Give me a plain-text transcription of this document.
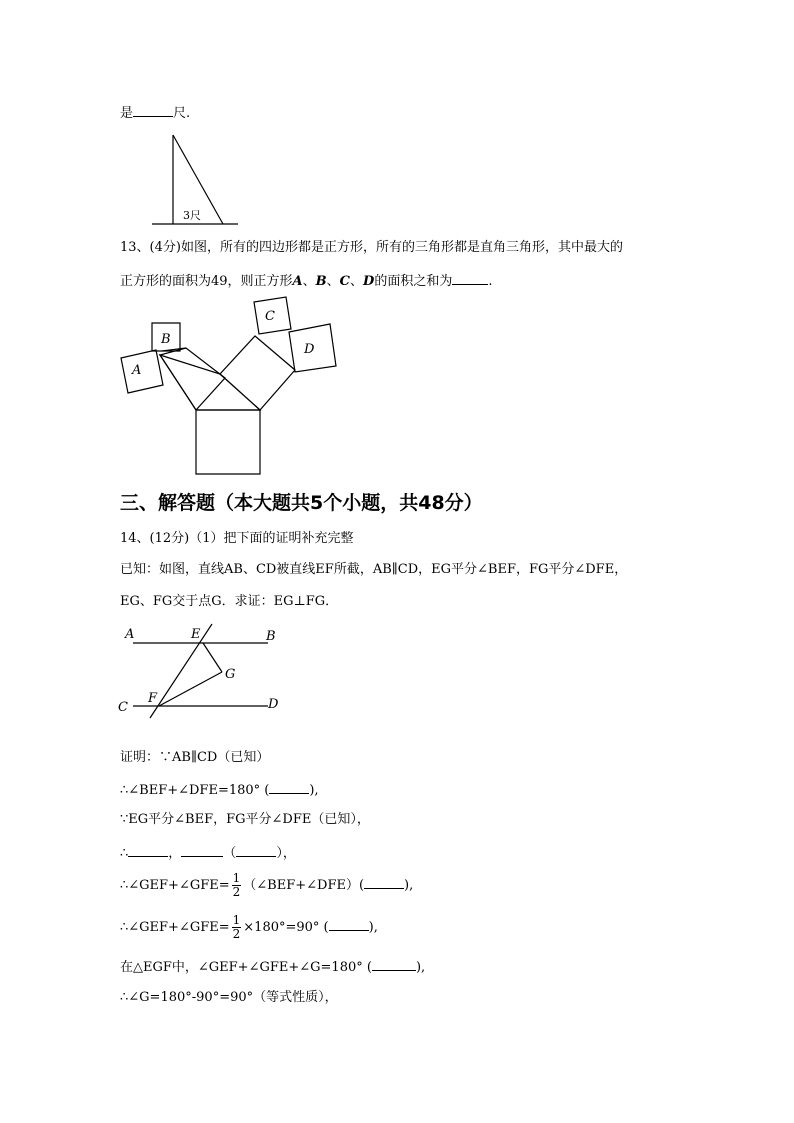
是	尺.
3尺
13、(4分)如图，所有的四边形都是正方形，所有的三角形都是直角三角形，其中最大的
正方形的面积为49，则正方形A、B、C、D的面积之和为	.
B
A
C
D
三、解答题（本大题共5个小题，共48分）
14、(12分)（1）把下面的证明补充完整
已知：如图，直线AB、CD被直线EF所截，AB∥CD，EG平分∠BEF，FG平分∠DFE，
EG、FG交于点G．求证：EG⊥FG．
A	E	B
G
F
C	D
证明：∵AB∥CD（已知）
∴∠BEF+∠DFE=180° (	),
∵EG平分∠BEF，FG平分∠DFE（已知），
∴	，	（	），
∴∠GEF+∠GFE= $\frac{1}{2}$ （∠BEF+∠DFE）(	),
∴∠GEF+∠GFE= $\frac{1}{2} \times 180^\circ=90^\circ$ (	),
在△EGF中，∠GEF+∠GFE+∠G=180° (	),
∴∠G=180°-90°=90°（等式性质），
